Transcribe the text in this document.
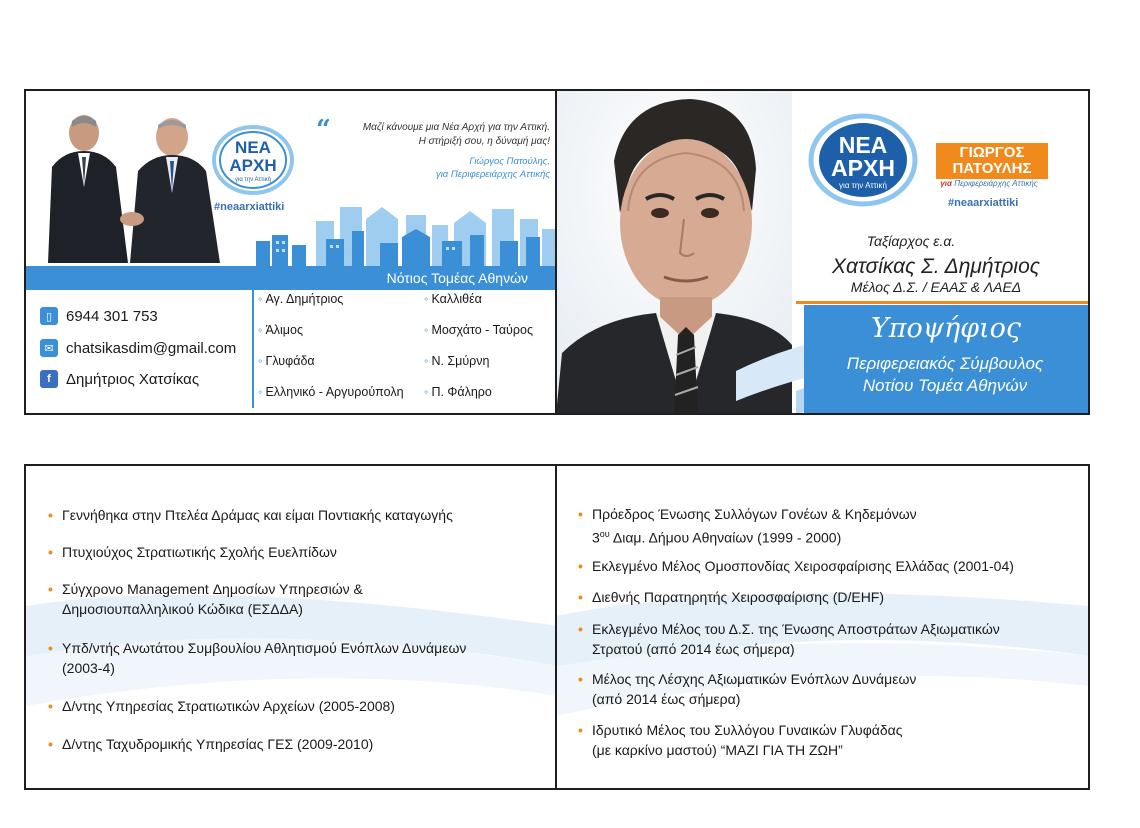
“	Μαζί κάνουμε μια Νέα Αρχή για την Αττική.
Η στήριξή σου, η δύναμή μας!
Γιώργος Πατούλης,
για Περιφερειάρχης Αττικής
ΝΕΑ
ΑΡΧΗ
για την Αττική
#neaarxiattiki
Νότιος Τομέας Αθηνών
▯ 6944 301 753
✉ chatsikasdim@gmail.com
f	Δημήτριος Χατσίκας
◦ Αγ. Δημήτριος
◦ Άλιμος
◦ Γλυφάδα
◦ Ελληνικό - Αργυρούπολη
◦ Καλλιθέα
◦ Μοσχάτο - Ταύρος
◦ Ν. Σμύρνη
◦ Π. Φάληρο
ΝΕΑ
ΑΡΧΗ
για την Αττική
ΓΙΩΡΓΟΣ
ΠΑΤΟΥΛΗΣ
για Περιφερειάρχης Αττικής
#neaarxiattiki
Ταξίαρχος ε.α.
Χατσίκας Σ. Δημήτριος
Μέλος Δ.Σ. / ΕΑΑΣ & ΛΑΕΔ
Υποψήφιος
Περιφερειακός Σύμβουλος
Νοτίου Τομέα Αθηνών
• Γεννήθηκα στην Πτελέα Δράμας και είμαι Ποντιακής καταγωγής
• Πτυχιούχος Στρατιωτικής Σχολής Ευελπίδων
• Σύγχρονο Management Δημοσίων Υπηρεσιών &
Δημοσιουπαλληλικού Κώδικα (ΕΣΔΔΑ)
• Υπδ/ντής Ανωτάτου Συμβουλίου Αθλητισμού Ενόπλων Δυνάμεων
(2003-4)
• Δ/ντης Υπηρεσίας Στρατιωτικών Αρχείων (2005-2008)
• Δ/ντης Ταχυδρομικής Υπηρεσίας ΓΕΣ (2009-2010)
• Πρόεδρος Ένωσης Συλλόγων Γονέων & Κηδεμόνων
$3^{o\upsilon}$ Διαμ. Δήμου Αθηναίων (1999 - 2000)
• Εκλεγμένο Μέλος Ομοσπονδίας Χειροσφαίρισης Ελλάδας (2001-04)
• Διεθνής Παρατηρητής Χειροσφαίρισης (D/EHF)
• Εκλεγμένο Μέλος του Δ.Σ. της Ένωσης Αποστράτων Αξιωματικών
Στρατού (από 2014 έως σήμερα)
• Μέλος της Λέσχης Αξιωματικών Ενόπλων Δυνάμεων
(από 2014 έως σήμερα)
• Ιδρυτικό Μέλος του Συλλόγου Γυναικών Γλυφάδας
(με καρκίνο μαστού) “ΜΑΖΙ ΓΙΑ ΤΗ ΖΩΗ”
